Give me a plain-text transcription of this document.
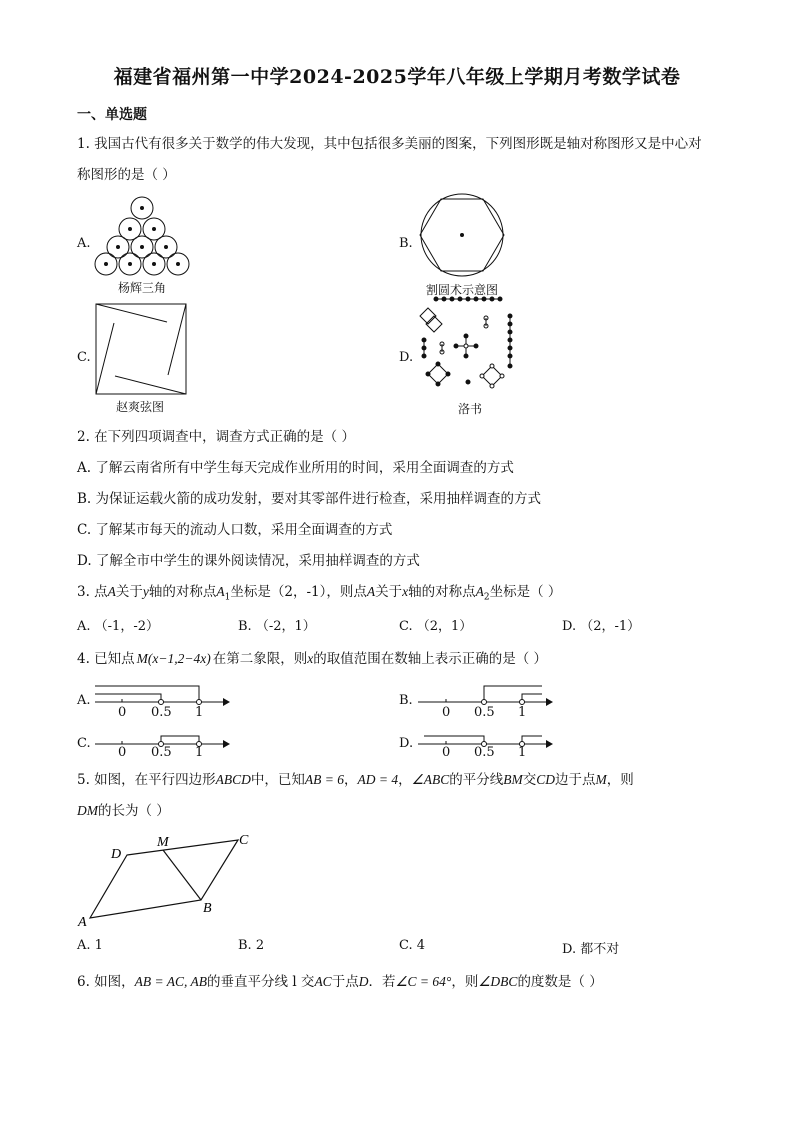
福建省福州第一中学2024-2025学年八年级上学期月考数学试卷
一、单选题
1. 我国古代有很多关于数学的伟大发现，其中包括很多美丽的图案，下列图形既是轴对称图形又是中心对
称图形的是（ ）
A.
杨辉三角
B.
割圆术示意图
C.
赵爽弦图
D.
洛书
2. 在下列四项调查中，调查方式正确的是（ ）
A. 了解云南省所有中学生每天完成作业所用的时间，采用全面调查的方式
B. 为保证运载火箭的成功发射，要对其零部件进行检查，采用抽样调查的方式
C. 了解某市每天的流动人口数，采用全面调查的方式
D. 了解全市中学生的课外阅读情况，采用抽样调查的方式
3. 点A关于y轴的对称点$A_1$坐标是（2，-1），则点A关于x轴的对称点$A_2$坐标是（ ）
A. （-1，-2）	B. （-2，1）	C. （2，1）	D. （2，-1）
4. 已知点 M(x−1,2−4x) 在第二象限，则x的取值范围在数轴上表示正确的是（ ）
A.
0 0.5 1
B.
0 0.5 1
C.
0 0.5 1
D.
0 0.5 1
5. 如图，在平行四边形ABCD中，已知AB = 6，AD = 4，∠ABC的平分线BM交CD边于点M，则
DM的长为（ ）
A
B
C
D
M
A. 1	B. 2	C. 4	D. 都不对
6. 如图，AB = AC, AB的垂直平分线 l 交AC于点D．若∠C = 64°，则∠DBC的度数是（ ）
